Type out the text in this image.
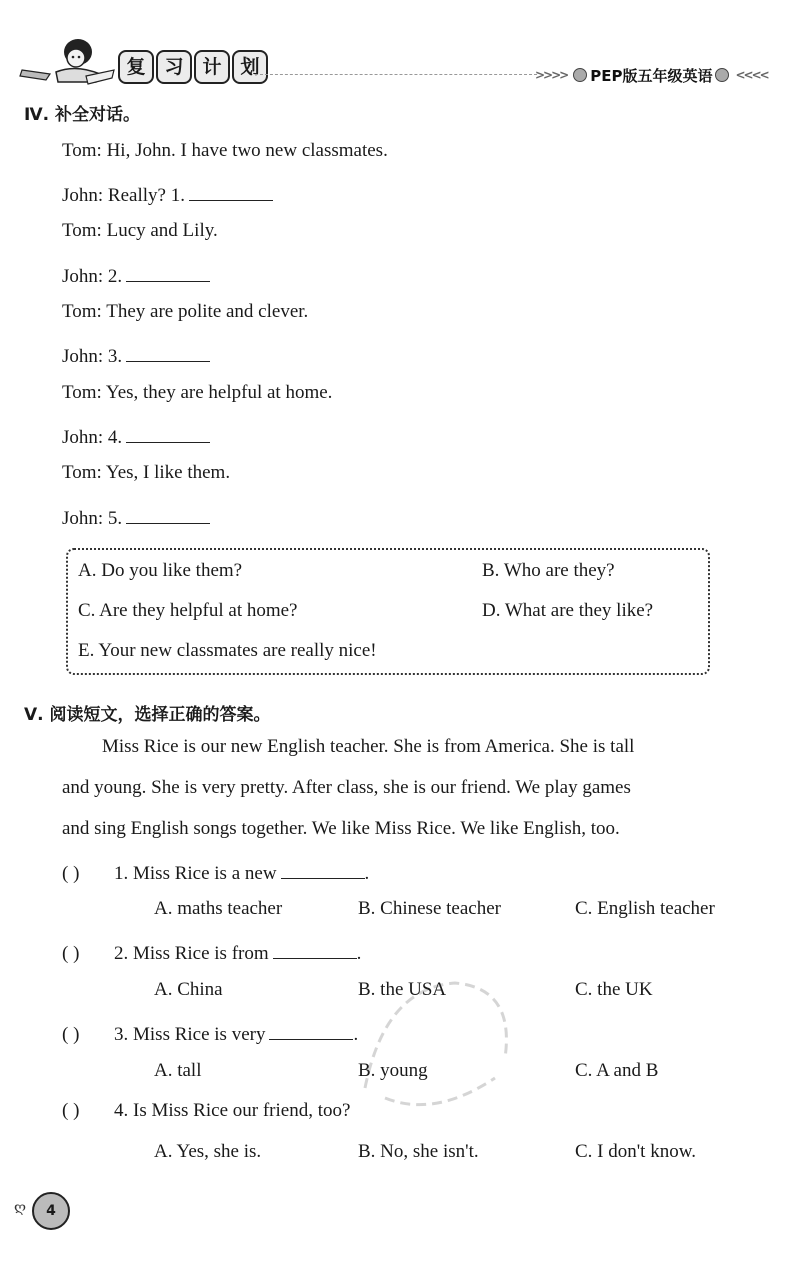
复 习 计 划	>>>> PEP版五年级英语 <<<<
Ⅳ. 补全对话。
Tom: Hi, John. I have two new classmates.
John: Really? 1.
Tom: Lucy and Lily.
John: 2.
Tom: They are polite and clever.
John: 3.
Tom: Yes, they are helpful at home.
John: 4.
Tom: Yes, I like them.
John: 5.
A. Do you like them?	B. Who are they?
C. Are they helpful at home?	D. What are they like?
E. Your new classmates are really nice!
Ⅴ. 阅读短文，选择正确的答案。
Miss Rice is our new English teacher. She is from America. She is tall
and young. She is very pretty. After class, she is our friend. We play games
and sing English songs together. We like Miss Rice. We like English, too.
( ) 1. Miss Rice is a new	.
A. maths teacher	B. Chinese teacher	C. English teacher
( ) 2. Miss Rice is from	.
A. China	B. the USA	C. the UK
( ) 3. Miss Rice is very	.
A. tall	B. young	C. A and B
( ) 4. Is Miss Rice our friend, too?
A. Yes, she is.	B. No, she isn't.	C. I don't know.
ღ	4
